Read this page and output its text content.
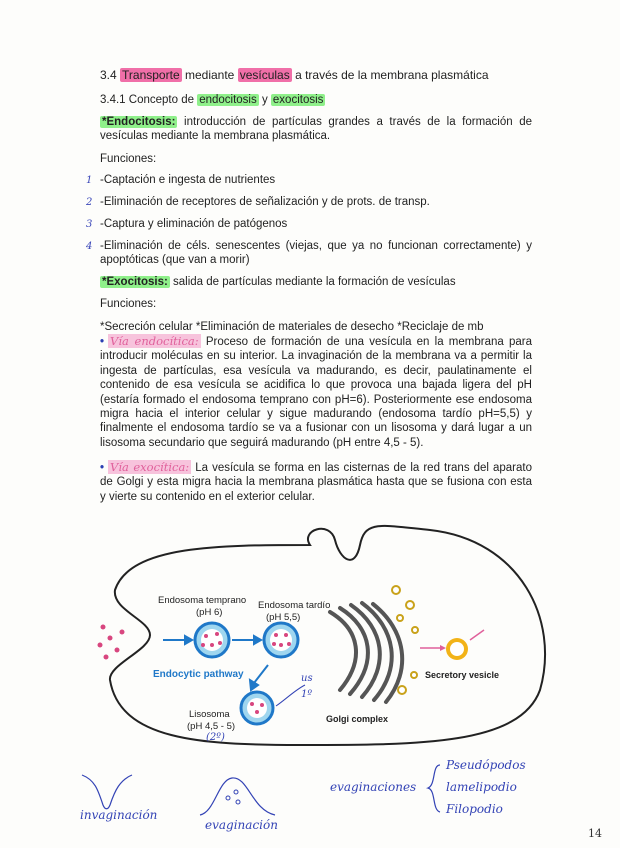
3.4 Transporte mediante vesículas a través de la membrana plasmática
3.4.1 Concepto de endocitosis y exocitosis
*Endocitosis: introducción de partículas grandes a través de la formación de vesículas mediante la membrana plasmática.
Funciones:
1 -Captación e ingesta de nutrientes
2 -Eliminación de receptores de señalización y de prots. de transp.
3 -Captura y eliminación de patógenos
4 -Eliminación de céls. senescentes (viejas, que ya no funcionan correctamente) y apoptóticas (que van a morir)
*Exocitosis: salida de partículas mediante la formación de vesículas
Funciones:
*Secreción celular *Eliminación de materiales de desecho *Reciclaje de mb
• Vía endocítica: Proceso de formación de una vesícula en la membrana para introducir moléculas en su interior. La invaginación de la membrana va a permitir la ingesta de partículas, esa vesícula va madurando, es decir, paulatinamente el contenido de esa vesícula se acidifica lo que provoca una bajada ligera del pH (estaría formado el endosoma temprano con pH=6). Posteriormente ese endosoma migra hacia el interior celular y sigue madurando (endosoma tardío pH=5,5) y finalmente el endosoma tardío se va a fusionar con un lisosoma y dará lugar a un lisosoma secundario que seguirá madurando (pH entre 4,5 - 5).
• Vía exocítica: La vesícula se forma en las cisternas de la red trans del aparato de Golgi y esta migra hacia la membrana plasmática hasta que se fusiona con esta y vierte su contenido en el exterior celular.
Endosoma temprano
(pH 6)
Endosoma tardío
(pH 5,5)
Endocytic pathway
Lisosoma
(pH 4,5 - 5)
(2º)
Golgi complex
Secretory vesicle
us
1º
invaginación
evaginación
evaginaciones
Pseudópodos
lamelipodio
Filopodio
14
